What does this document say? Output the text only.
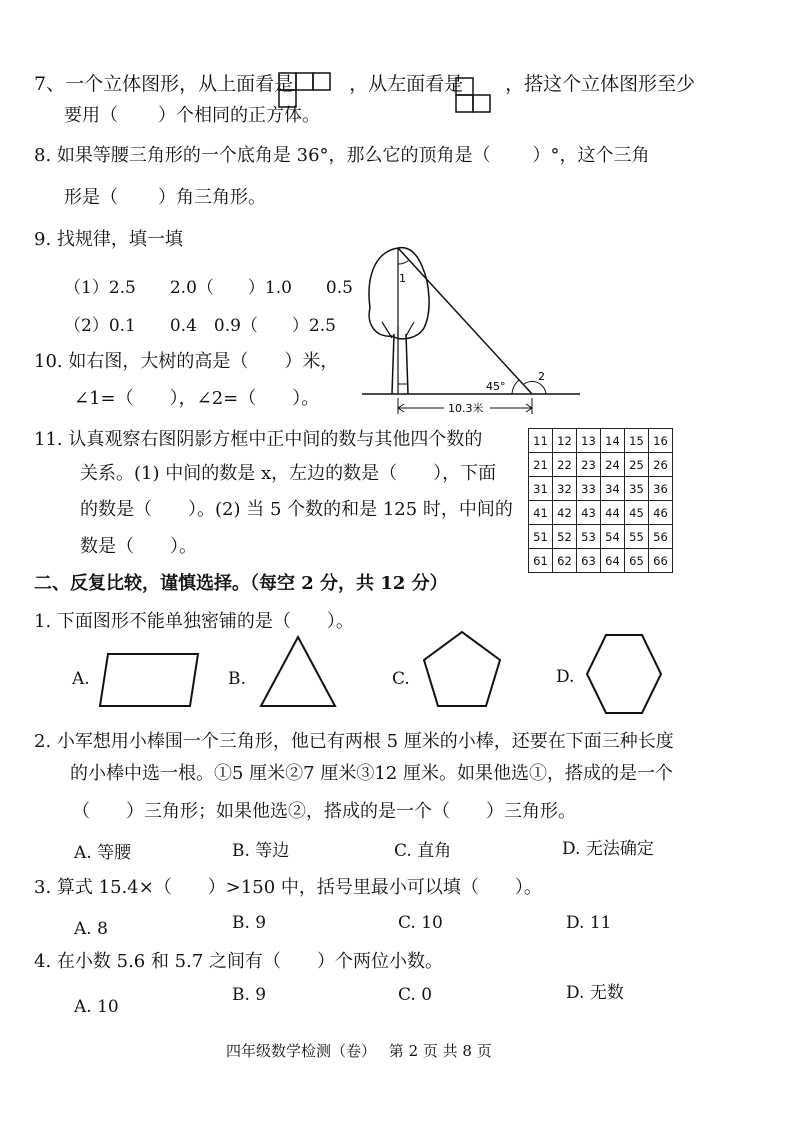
7、一个立体图形，从上面看是	，从左面看是 ，搭这个立体图形至少
要用（ ）个相同的正方体。
8. 如果等腰三角形的一个底角是 36°，那么它的顶角是（ ）°，这个三角
形是（ ）角三角形。
9. 找规律，填一填
（1）2.5　　2.0（　　）1.0　　0.5
（2）0.1　　0.4　0.9（　　）2.5
10. 如右图，大树的高是（　　）米，
∠1=（　　），∠2=（　　）。
1
45°
2
10.3米
11. 认真观察右图阴影方框中正中间的数与其他四个数的
关系。(1) 中间的数是 x，左边的数是（　　），下面
的数是（　　）。(2) 当 5 个数的和是 125 时，中间的
数是（　　）。
11	12	13	14	15	16
21	22	23	24	25	26
31	32	33	34	35	36
41	42	43	44	45	46
51	52	53	54	55	56
61	62	63	64	65	66
二、反复比较，谨慎选择。（每空 2 分，共 12 分）
1. 下面图形不能单独密铺的是（　　）。
A.	B.	C.	D.
2. 小军想用小棒围一个三角形，他已有两根 5 厘米的小棒，还要在下面三种长度
的小棒中选一根。①5 厘米②7 厘米③12 厘米。如果他选①，搭成的是一个
（　　）三角形；如果他选②，搭成的是一个（　　）三角形。
A. 等腰	B. 等边	C. 直角	D. 无法确定
3. 算式 15.4×（　　）>150 中，括号里最小可以填（　　）。
A. 8	B. 9	C. 10	D. 11
4. 在小数 5.6 和 5.7 之间有（　　）个两位小数。
A. 10
B. 9	C. 0	D. 无数
四年级数学检测（卷） 第 2 页 共 8 页
